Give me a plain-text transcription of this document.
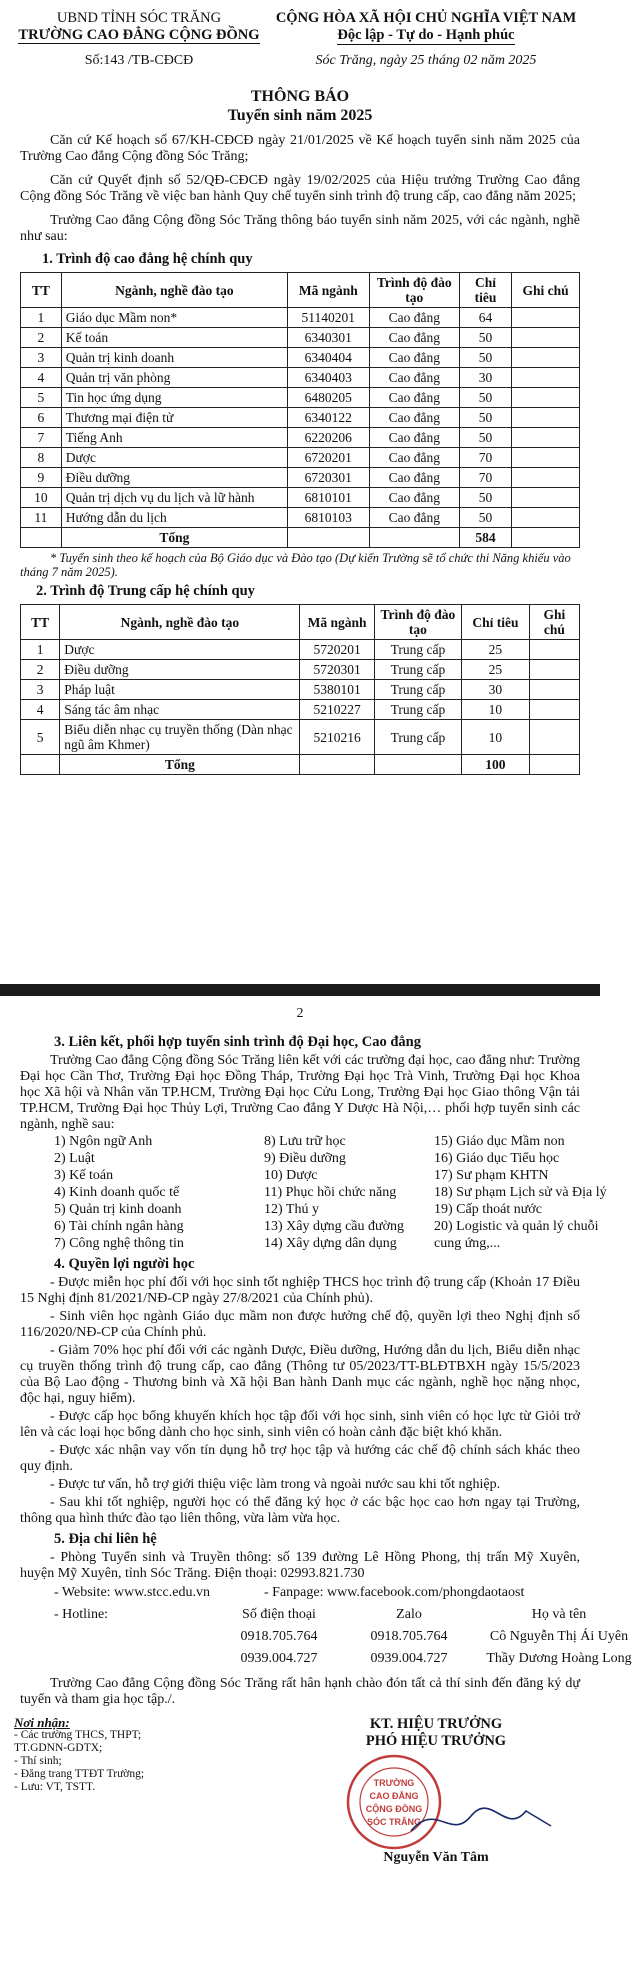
UBND TỈNH SÓC TRĂNG
TRƯỜNG CAO ĐẲNG CỘNG ĐỒNG
CỘNG HÒA XÃ HỘI CHỦ NGHĨA VIỆT NAM
Độc lập - Tự do - Hạnh phúc
Số:143 /TB-CĐCĐ	Sóc Trăng, ngày 25 tháng 02 năm 2025
THÔNG BÁO
Tuyển sinh năm 2025

Căn cứ Kế hoạch số 67/KH-CĐCĐ ngày 21/01/2025 về Kế hoạch tuyển sinh năm 2025 của Trường Cao đẳng Cộng đồng Sóc Trăng;

Căn cứ Quyết định số 52/QĐ-CĐCĐ ngày 19/02/2025 của Hiệu trưởng Trường Cao đẳng Cộng đồng Sóc Trăng về việc ban hành Quy chế tuyển sinh trình độ trung cấp, cao đẳng năm 2025;

Trường Cao đẳng Cộng đồng Sóc Trăng thông báo tuyển sinh năm 2025, với các ngành, nghề như sau:

1. Trình độ cao đẳng hệ chính quy
TT	Ngành, nghề đào tạo	Mã ngành	Trình độ đào tạo	Chỉ tiêu	Ghi chú
1	Giáo dục Mầm non*	51140201	Cao đẳng	64	
2	Kế toán	6340301	Cao đẳng	50	
3	Quản trị kinh doanh	6340404	Cao đẳng	50	
4	Quản trị văn phòng	6340403	Cao đẳng	30	
5	Tin học ứng dụng	6480205	Cao đẳng	50	
6	Thương mại điện tử	6340122	Cao đẳng	50	
7	Tiếng Anh	6220206	Cao đẳng	50	
8	Dược	6720201	Cao đẳng	70	
9	Điều dưỡng	6720301	Cao đẳng	70	
10	Quản trị dịch vụ du lịch và lữ hành	6810101	Cao đẳng	50	
11	Hướng dẫn du lịch	6810103	Cao đẳng	50	
	Tổng			584	
* Tuyển sinh theo kế hoạch của Bộ Giáo dục và Đào tạo (Dự kiến Trường sẽ tổ chức thi Năng khiếu vào tháng 7 năm 2025).
2. Trình độ Trung cấp hệ chính quy
TT	Ngành, nghề đào tạo	Mã ngành	Trình độ đào tạo	Chỉ tiêu	Ghi chú
1	Dược	5720201	Trung cấp	25	
2	Điều dưỡng	5720301	Trung cấp	25	
3	Pháp luật	5380101	Trung cấp	30	
4	Sáng tác âm nhạc	5210227	Trung cấp	10	
5	Biểu diễn nhạc cụ truyền thống (Dàn nhạc ngũ âm Khmer)	5210216	Trung cấp	10	
	Tổng			100	
2
3. Liên kết, phối hợp tuyển sinh trình độ Đại học, Cao đẳng

Trường Cao đẳng Cộng đồng Sóc Trăng liên kết với các trường đại học, cao đẳng như: Trường Đại học Cần Thơ, Trường Đại học Đồng Tháp, Trường Đại học Trà Vinh, Trường Đại học Khoa học Xã hội và Nhân văn TP.HCM, Trường Đại học Cửu Long, Trường Đại học Giao thông Vận tải TP.HCM, Trường Đại học Thủy Lợi, Trường Cao đẳng Y Dược Hà Nội,… phối hợp tuyển sinh các ngành, nghề sau:

1) Ngôn ngữ Anh	8) Lưu trữ học	15) Giáo dục Mầm non
2) Luật	9) Điều dưỡng	16) Giáo dục Tiểu học
3) Kế toán	10) Dược	17) Sư phạm KHTN
4) Kinh doanh quốc tế	11) Phục hồi chức năng	18) Sư phạm Lịch sử và Địa lý
5) Quản trị kinh doanh	12) Thú y	19) Cấp thoát nước
6) Tài chính ngân hàng	13) Xây dựng cầu đường	20) Logistic và quản lý chuỗi
7) Công nghệ thông tin	14) Xây dựng dân dụng	cung ứng,...
4. Quyền lợi người học
- Được miễn học phí đối với học sinh tốt nghiệp THCS học trình độ trung cấp (Khoản 17 Điều 15 Nghị định 81/2021/NĐ-CP ngày 27/8/2021 của Chính phủ).
- Sinh viên học ngành Giáo dục mầm non được hưởng chế độ, quyền lợi theo Nghị định số 116/2020/NĐ-CP của Chính phủ.
- Giảm 70% học phí đối với các ngành Dược, Điều dưỡng, Hướng dẫn du lịch, Biểu diễn nhạc cụ truyền thống trình độ trung cấp, cao đẳng (Thông tư 05/2023/TT-BLĐTBXH ngày 15/5/2023 của Bộ Lao động - Thương binh và Xã hội Ban hành Danh mục các ngành, nghề học nặng nhọc, độc hại, nguy hiểm).
- Được cấp học bổng khuyến khích học tập đối với học sinh, sinh viên có học lực từ Giỏi trở lên và các loại học bổng dành cho học sinh, sinh viên có hoàn cảnh đặc biệt khó khăn.
- Được xác nhận vay vốn tín dụng hỗ trợ học tập và hướng các chế độ chính sách khác theo quy định.
- Được tư vấn, hỗ trợ giới thiệu việc làm trong và ngoài nước sau khi tốt nghiệp.
- Sau khi tốt nghiệp, người học có thể đăng ký học ở các bậc học cao hơn ngay tại Trường, thông qua hình thức đào tạo liên thông, vừa làm vừa học.
5. Địa chỉ liên hệ
- Phòng Tuyển sinh và Truyền thông: số 139 đường Lê Hồng Phong, thị trấn Mỹ Xuyên, huyện Mỹ Xuyên, tỉnh Sóc Trăng. Điện thoại: 02993.821.730
- Website: www.stcc.edu.vn	- Fanpage: www.facebook.com/phongdaotaost
- Hotline:	Số điện thoại	Zalo	Họ và tên
0918.705.764	0918.705.764	Cô Nguyễn Thị Ái Uyên
0939.004.727	0939.004.727	Thầy Dương Hoàng Long

Trường Cao đẳng Cộng đồng Sóc Trăng rất hân hạnh chào đón tất cả thí sinh đến đăng ký dự tuyển và tham gia học tập./.

Nơi nhận:
- Các trường THCS, THPT;
TT.GDNN-GDTX;
- Thí sinh;
- Đăng trang TTĐT Trường;
- Lưu: VT, TSTT.
KT. HIỆU TRƯỞNG
PHÓ HIỆU TRƯỞNG
TRƯỜNG
CAO ĐẲNG
CỘNG ĐỒNG
SÓC TRĂNG
Nguyễn Văn Tâm
